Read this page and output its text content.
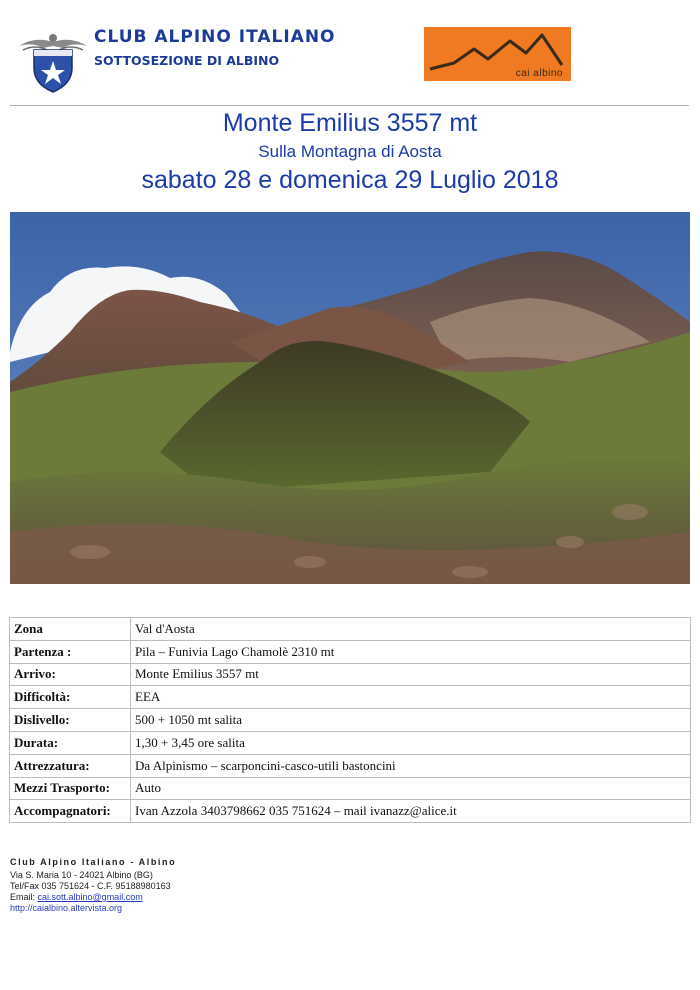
CLUB ALPINO ITALIANO
SOTTOSEZIONE DI ALBINO
cai albino
Monte Emilius 3557 mt
Sulla Montagna di Aosta
sabato 28 e domenica 29 Luglio 2018
Zona	Val d'Aosta
Partenza :	Pila – Funivia Lago Chamolè 2310 mt
Arrivo:	Monte Emilius 3557 mt
Difficoltà:	EEA
Dislivello:	500 + 1050 mt salita
Durata:	1,30 + 3,45 ore salita
Attrezzatura:	Da Alpinismo – scarponcini-casco-utili bastoncini
Mezzi Trasporto:	Auto
Accompagnatori:	Ivan Azzola 3403798662 035 751624 – mail ivanazz@alice.it
Club Alpino Italiano - Albino
Via S. Maria 10 - 24021 Albino (BG)
Tel/Fax 035 751624 - C.F. 95188980163
Email: cai.sott.albino@gmail.com
http://caialbino.altervista.org
